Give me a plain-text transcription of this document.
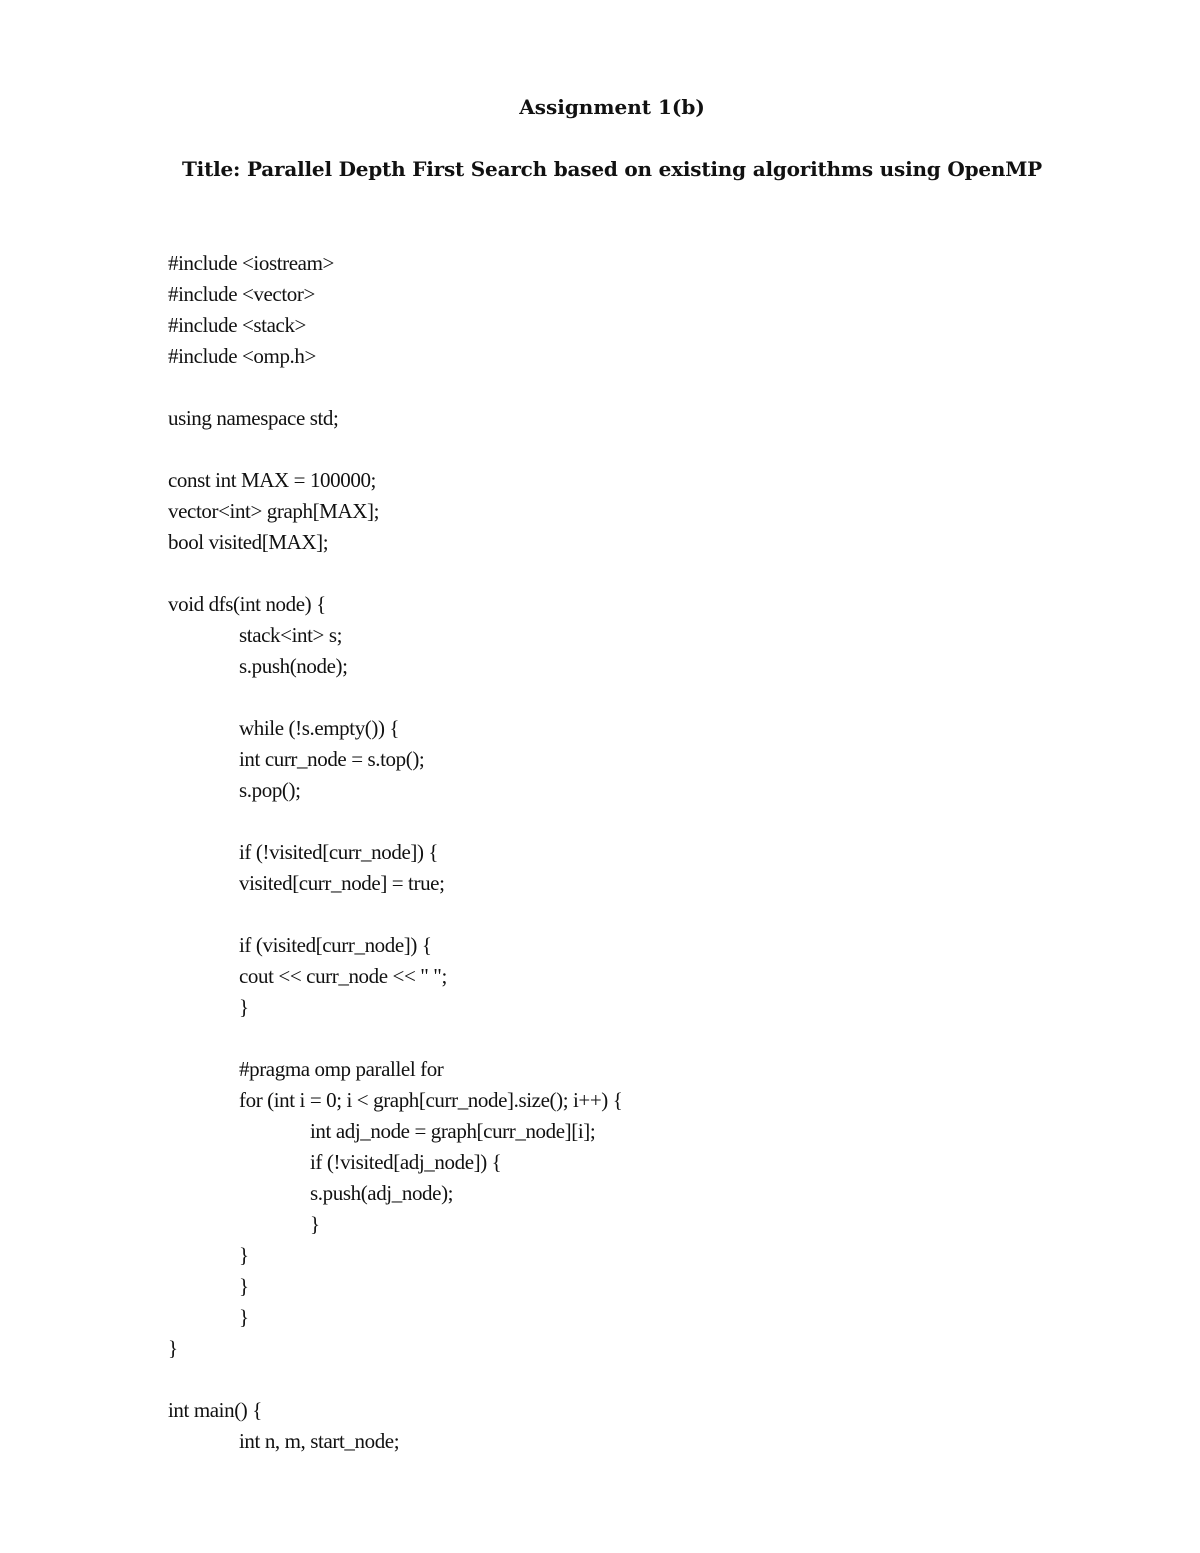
Assignment 1(b)
Title: Parallel Depth First Search based on existing algorithms using OpenMP
#include <iostream>
#include <vector>
#include <stack>
#include <omp.h>
using namespace std;
const int MAX = 100000;
vector<int> graph[MAX];
bool visited[MAX];
void dfs(int node) {
stack<int> s;
s.push(node);
while (!s.empty()) {
int curr_node = s.top();
s.pop();
if (!visited[curr_node]) {
visited[curr_node] = true;
if (visited[curr_node]) {
cout << curr_node << " ";
}
#pragma omp parallel for
for (int i = 0; i < graph[curr_node].size(); i++) {
int adj_node = graph[curr_node][i];
if (!visited[adj_node]) {
s.push(adj_node);
}
}
}
}
}
int main() {
int n, m, start_node;
